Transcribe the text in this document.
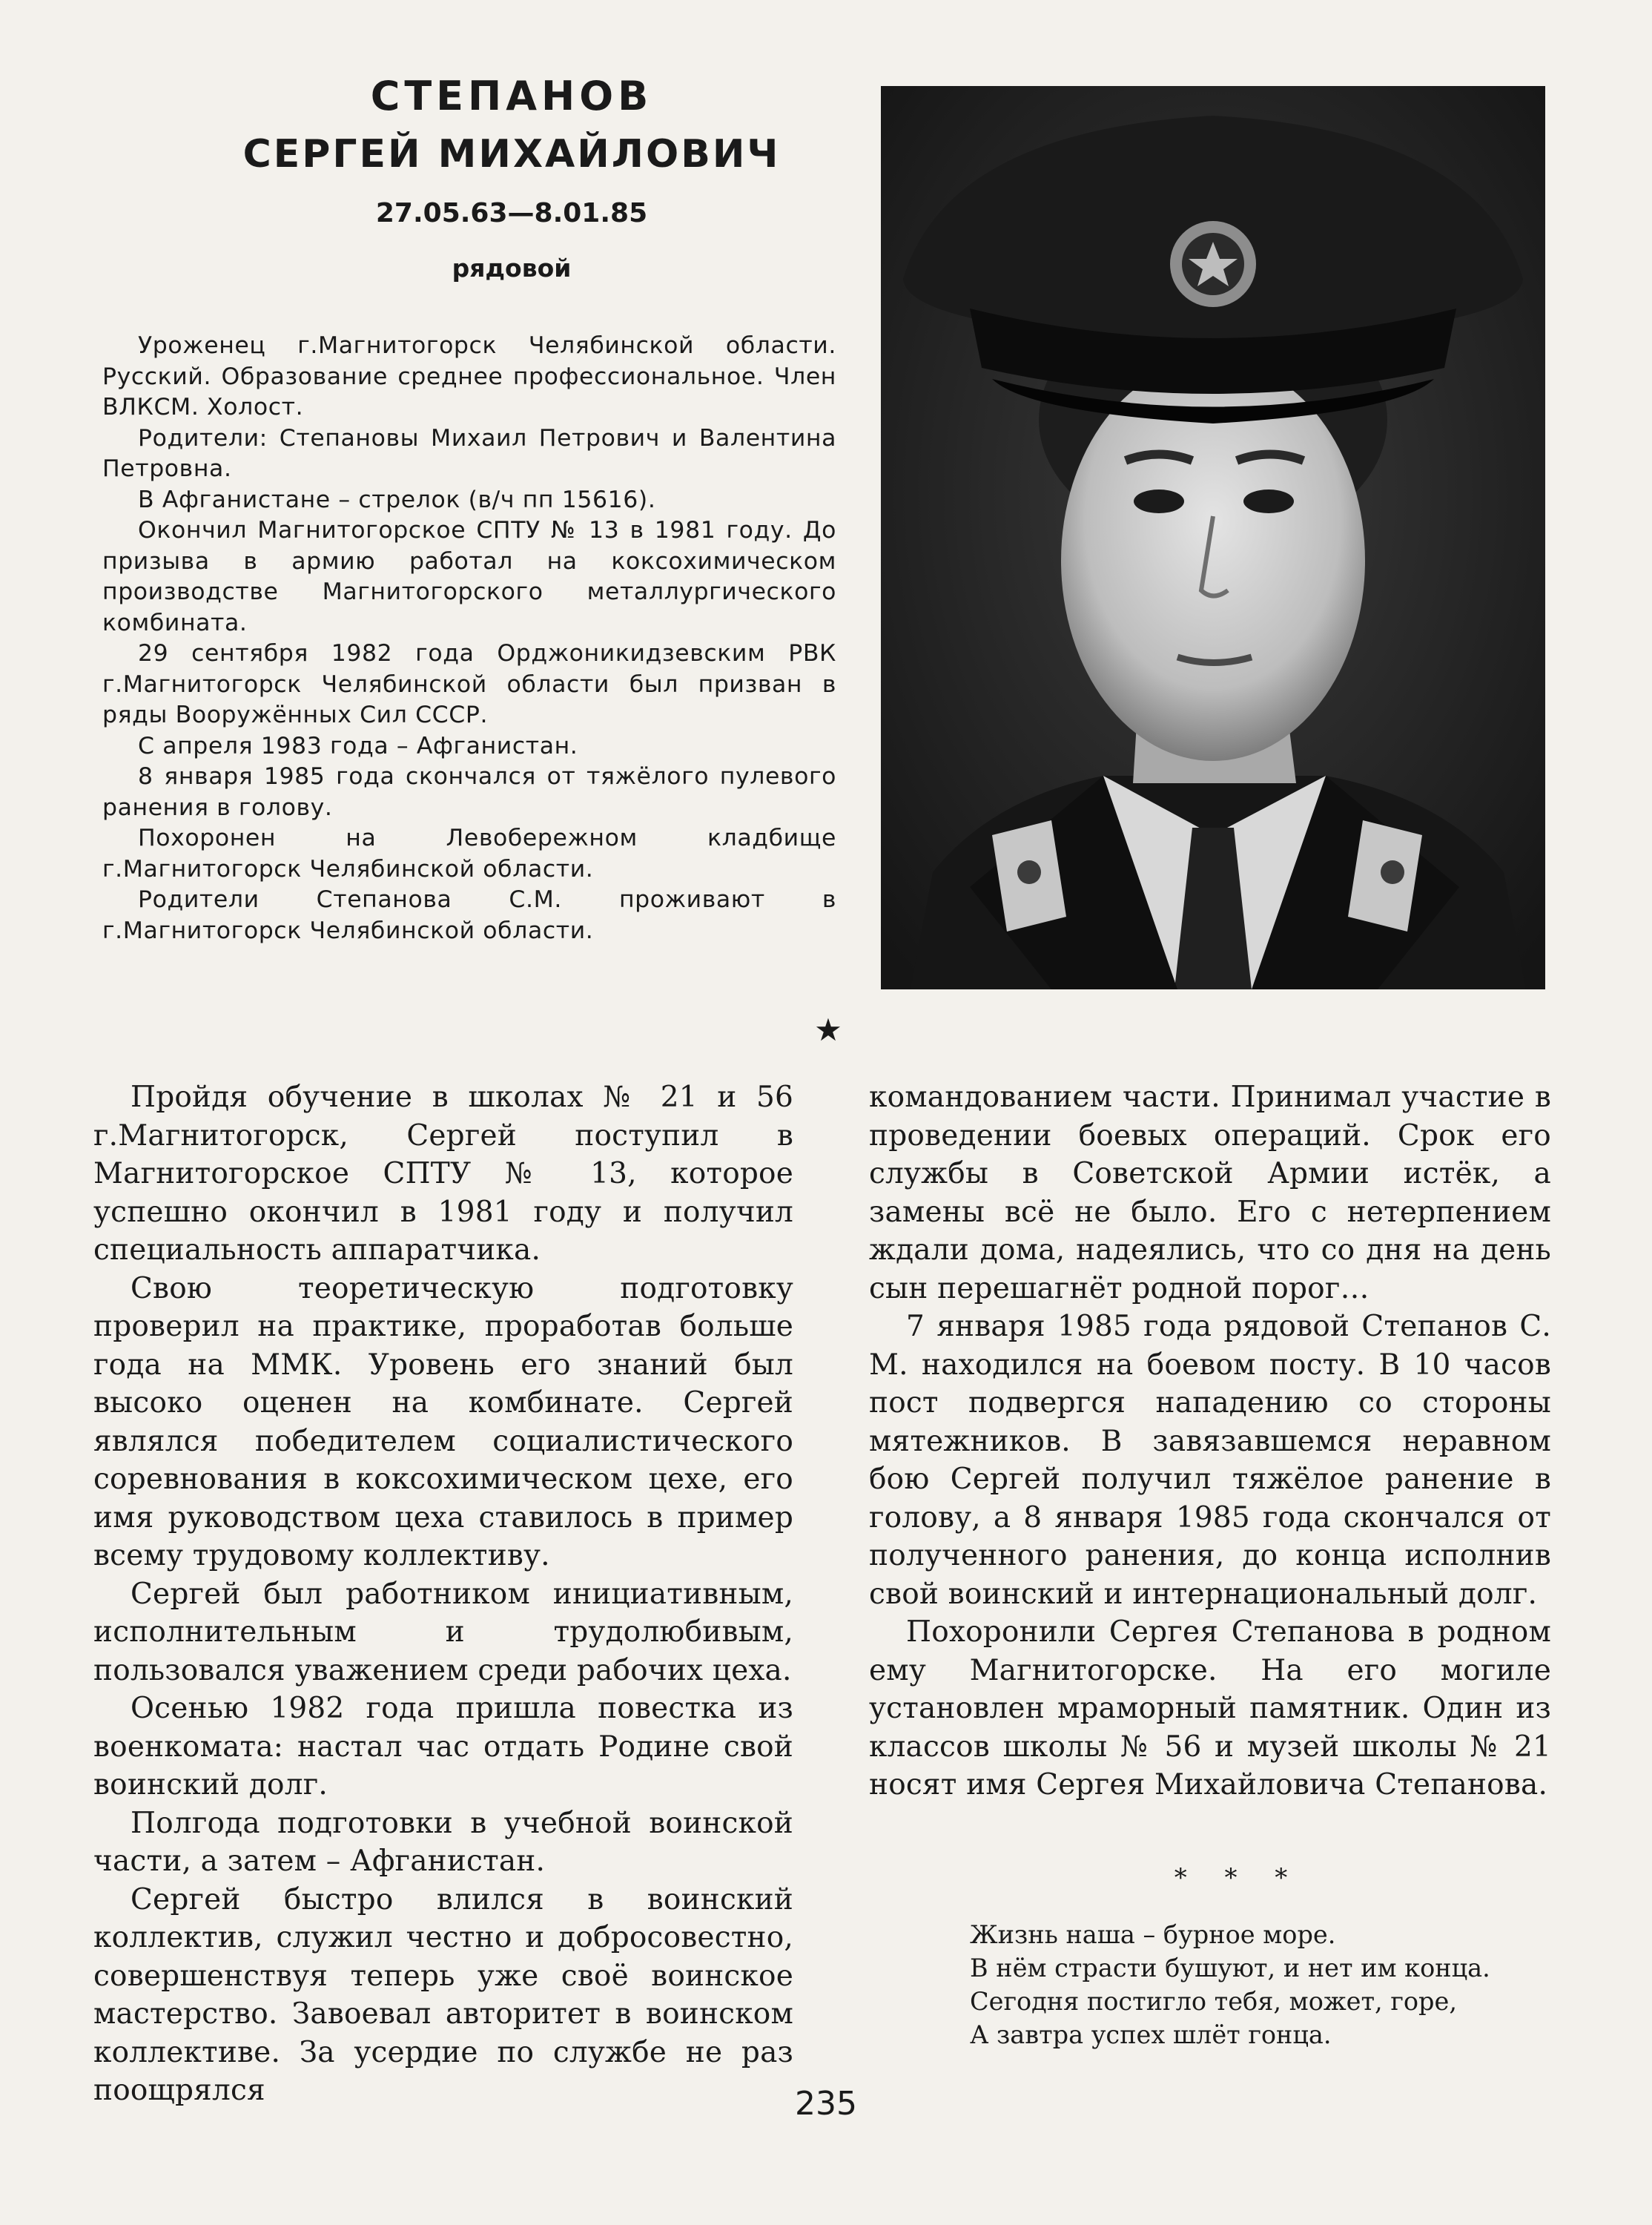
СТЕПАНОВ
СЕРГЕЙ МИХАЙЛОВИЧ
27.05.63—8.01.85
рядовой

Уроженец г.Магнитогорск Челябинской области. Русский. Образование среднее профессиональное. Член ВЛКСМ. Холост.

Родители: Степановы Михаил Петрович и Валентина Петровна.

В Афганистане – стрелок (в/ч пп 15616).

Окончил Магнитогорское СПТУ № 13 в 1981 году. До призыва в армию работал на коксохимическом производстве Магнитогорского металлургического комбината.

29 сентября 1982 года Орджоникидзевским РВК г.Магнитогорск Челябинской области был призван в ряды Вооружённых Сил СССР.

С апреля 1983 года – Афганистан.

8 января 1985 года скончался от тяжёлого пулевого ранения в голову.

Похоронен на Левобережном кладбище г.Магнитогорск Челябинской области.

Родители Степанова С.М. проживают в г.Магнитогорск Челябинской области.

★

Пройдя обучение в школах № 21 и 56 г.Магнитогорск, Сергей поступил в Магнитогорское СПТУ № 13, которое успешно окончил в 1981 году и получил специальность аппаратчика.

Свою теоретическую подготовку проверил на практике, проработав больше года на ММК. Уровень его знаний был высоко оценен на комбинате. Сергей являлся победителем социалистического соревнования в коксохимическом цехе, его имя руководством цеха ставилось в пример всему трудовому коллективу.

Сергей был работником инициативным, исполнительным и трудолюбивым, пользовался уважением среди рабочих цеха.

Осенью 1982 года пришла повестка из военкомата: настал час отдать Родине свой воинский долг.

Полгода подготовки в учебной воинской части, а затем – Афганистан.

Сергей быстро влился в воинский коллектив, служил честно и добросовестно, совершенствуя теперь уже своё воинское мастерство. Завоевал авторитет в воинском коллективе. За усердие по службе не раз поощрялся

командованием части. Принимал участие в проведении боевых операций. Срок его службы в Советской Армии истёк, а замены всё не было. Его с нетерпением ждали дома, надеялись, что со дня на день сын перешагнёт родной порог…

7 января 1985 года рядовой Степанов С. М. находился на боевом посту. В 10 часов пост подвергся нападению со стороны мятежников. В завязавшемся неравном бою Сергей получил тяжёлое ранение в голову, а 8 января 1985 года скончался от полученного ранения, до конца исполнив свой воинский и интернациональный долг.

Похоронили Сергея Степанова в родном ему Магнитогорске. На его могиле установлен мраморный памятник. Один из классов школы № 56 и музей школы № 21 носят имя Сергея Михайловича Степанова.

* * *
Жизнь наша – бурное море.
В нём страсти бушуют, и нет им конца.
Сегодня постигло тебя, может, горе,
А завтра успех шлёт гонца.
235
